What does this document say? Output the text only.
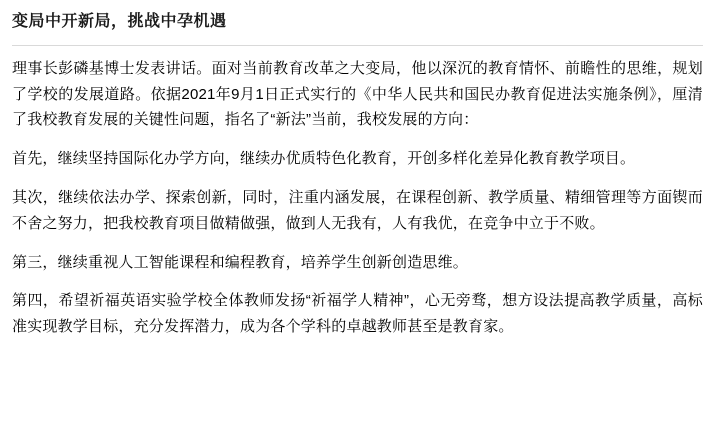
变局中开新局，挑战中孕机遇

理事长彭磷基博士发表讲话。面对当前教育改革之大变局，他以深沉的教育情怀、前瞻性的思维，规划了学校的发展道路。依据2021年9月1日正式实行的《中华人民共和国民办教育促进法实施条例》，厘清了我校教育发展的关键性问题，指名了“新法”当前，我校发展的方向：

首先，继续坚持国际化办学方向，继续办优质特色化教育，开创多样化差异化教育教学项目。

其次，继续依法办学、探索创新，同时，注重内涵发展，在课程创新、教学质量、精细管理等方面锲而不舍之努力，把我校教育项目做精做强，做到人无我有，人有我优，在竞争中立于不败。

第三，继续重视人工智能课程和编程教育，培养学生创新创造思维。

第四，希望祈福英语实验学校全体教师发扬“祈福学人精神”，心无旁骛，想方设法提高教学质量，高标准实现教学目标，充分发挥潜力，成为各个学科的卓越教师甚至是教育家。
